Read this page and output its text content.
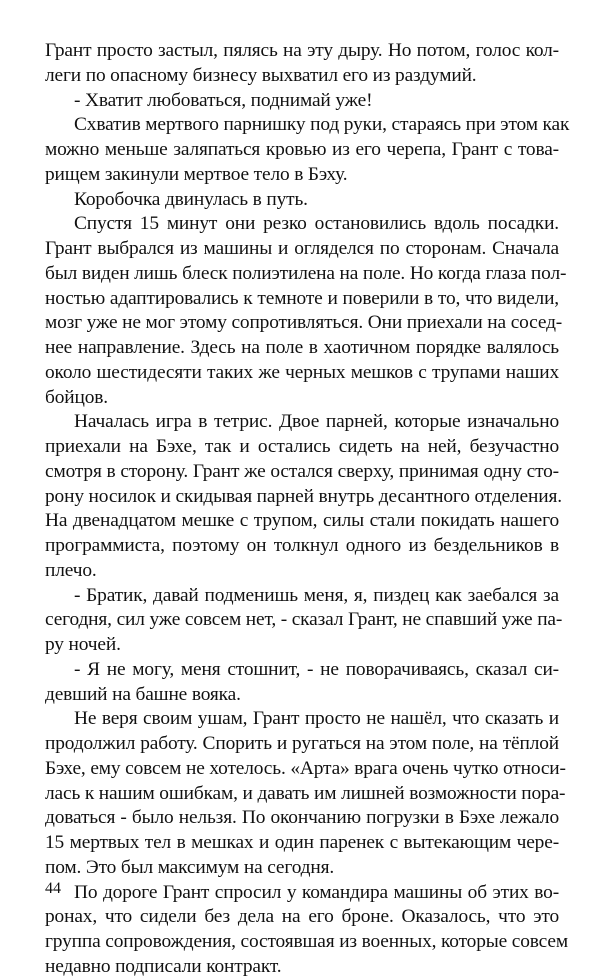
Грант просто застыл, пялясь на эту дыру. Но потом, голос кол-
леги по опасному бизнесу выхватил его из раздумий.
- Хватит любоваться, поднимай уже!
Схватив мертвого парнишку под руки, стараясь при этом как
можно меньше заляпаться кровью из его черепа, Грант с това-
рищем закинули мертвое тело в Бэху.
Коробочка двинулась в путь.
Спустя 15 минут они резко остановились вдоль посадки.
Грант выбрался из машины и огляделся по сторонам. Сначала
был виден лишь блеск полиэтилена на поле. Но когда глаза пол-
ностью адаптировались к темноте и поверили в то, что видели,
мозг уже не мог этому сопротивляться. Они приехали на сосед-
нее направление. Здесь на поле в хаотичном порядке валялось
около шестидесяти таких же черных мешков с трупами наших
бойцов.
Началась игра в тетрис. Двое парней, которые изначально
приехали на Бэхе, так и остались сидеть на ней, безучастно
смотря в сторону. Грант же остался сверху, принимая одну сто-
рону носилок и скидывая парней внутрь десантного отделения.
На двенадцатом мешке с трупом, силы стали покидать нашего
программиста, поэтому он толкнул одного из бездельников в
плечо.
- Братик, давай подменишь меня, я, пиздец как заебался за
сегодня, сил уже совсем нет, - сказал Грант, не спавший уже па-
ру ночей.
- Я не могу, меня стошнит, - не поворачиваясь, сказал си-
девший на башне вояка.
Не веря своим ушам, Грант просто не нашёл, что сказать и
продолжил работу. Спорить и ругаться на этом поле, на тёплой
Бэхе, ему совсем не хотелось. «Арта» врага очень чутко относи-
лась к нашим ошибкам, и давать им лишней возможности пора-
доваться - было нельзя. По окончанию погрузки в Бэхе лежало
15 мертвых тел в мешках и один паренек с вытекающим чере-
пом. Это был максимум на сегодня.
По дороге Грант спросил у командира машины об этих во-
ронах, что сидели без дела на его броне. Оказалось, что это
группа сопровождения, состоявшая из военных, которые совсем
недавно подписали контракт.
44
